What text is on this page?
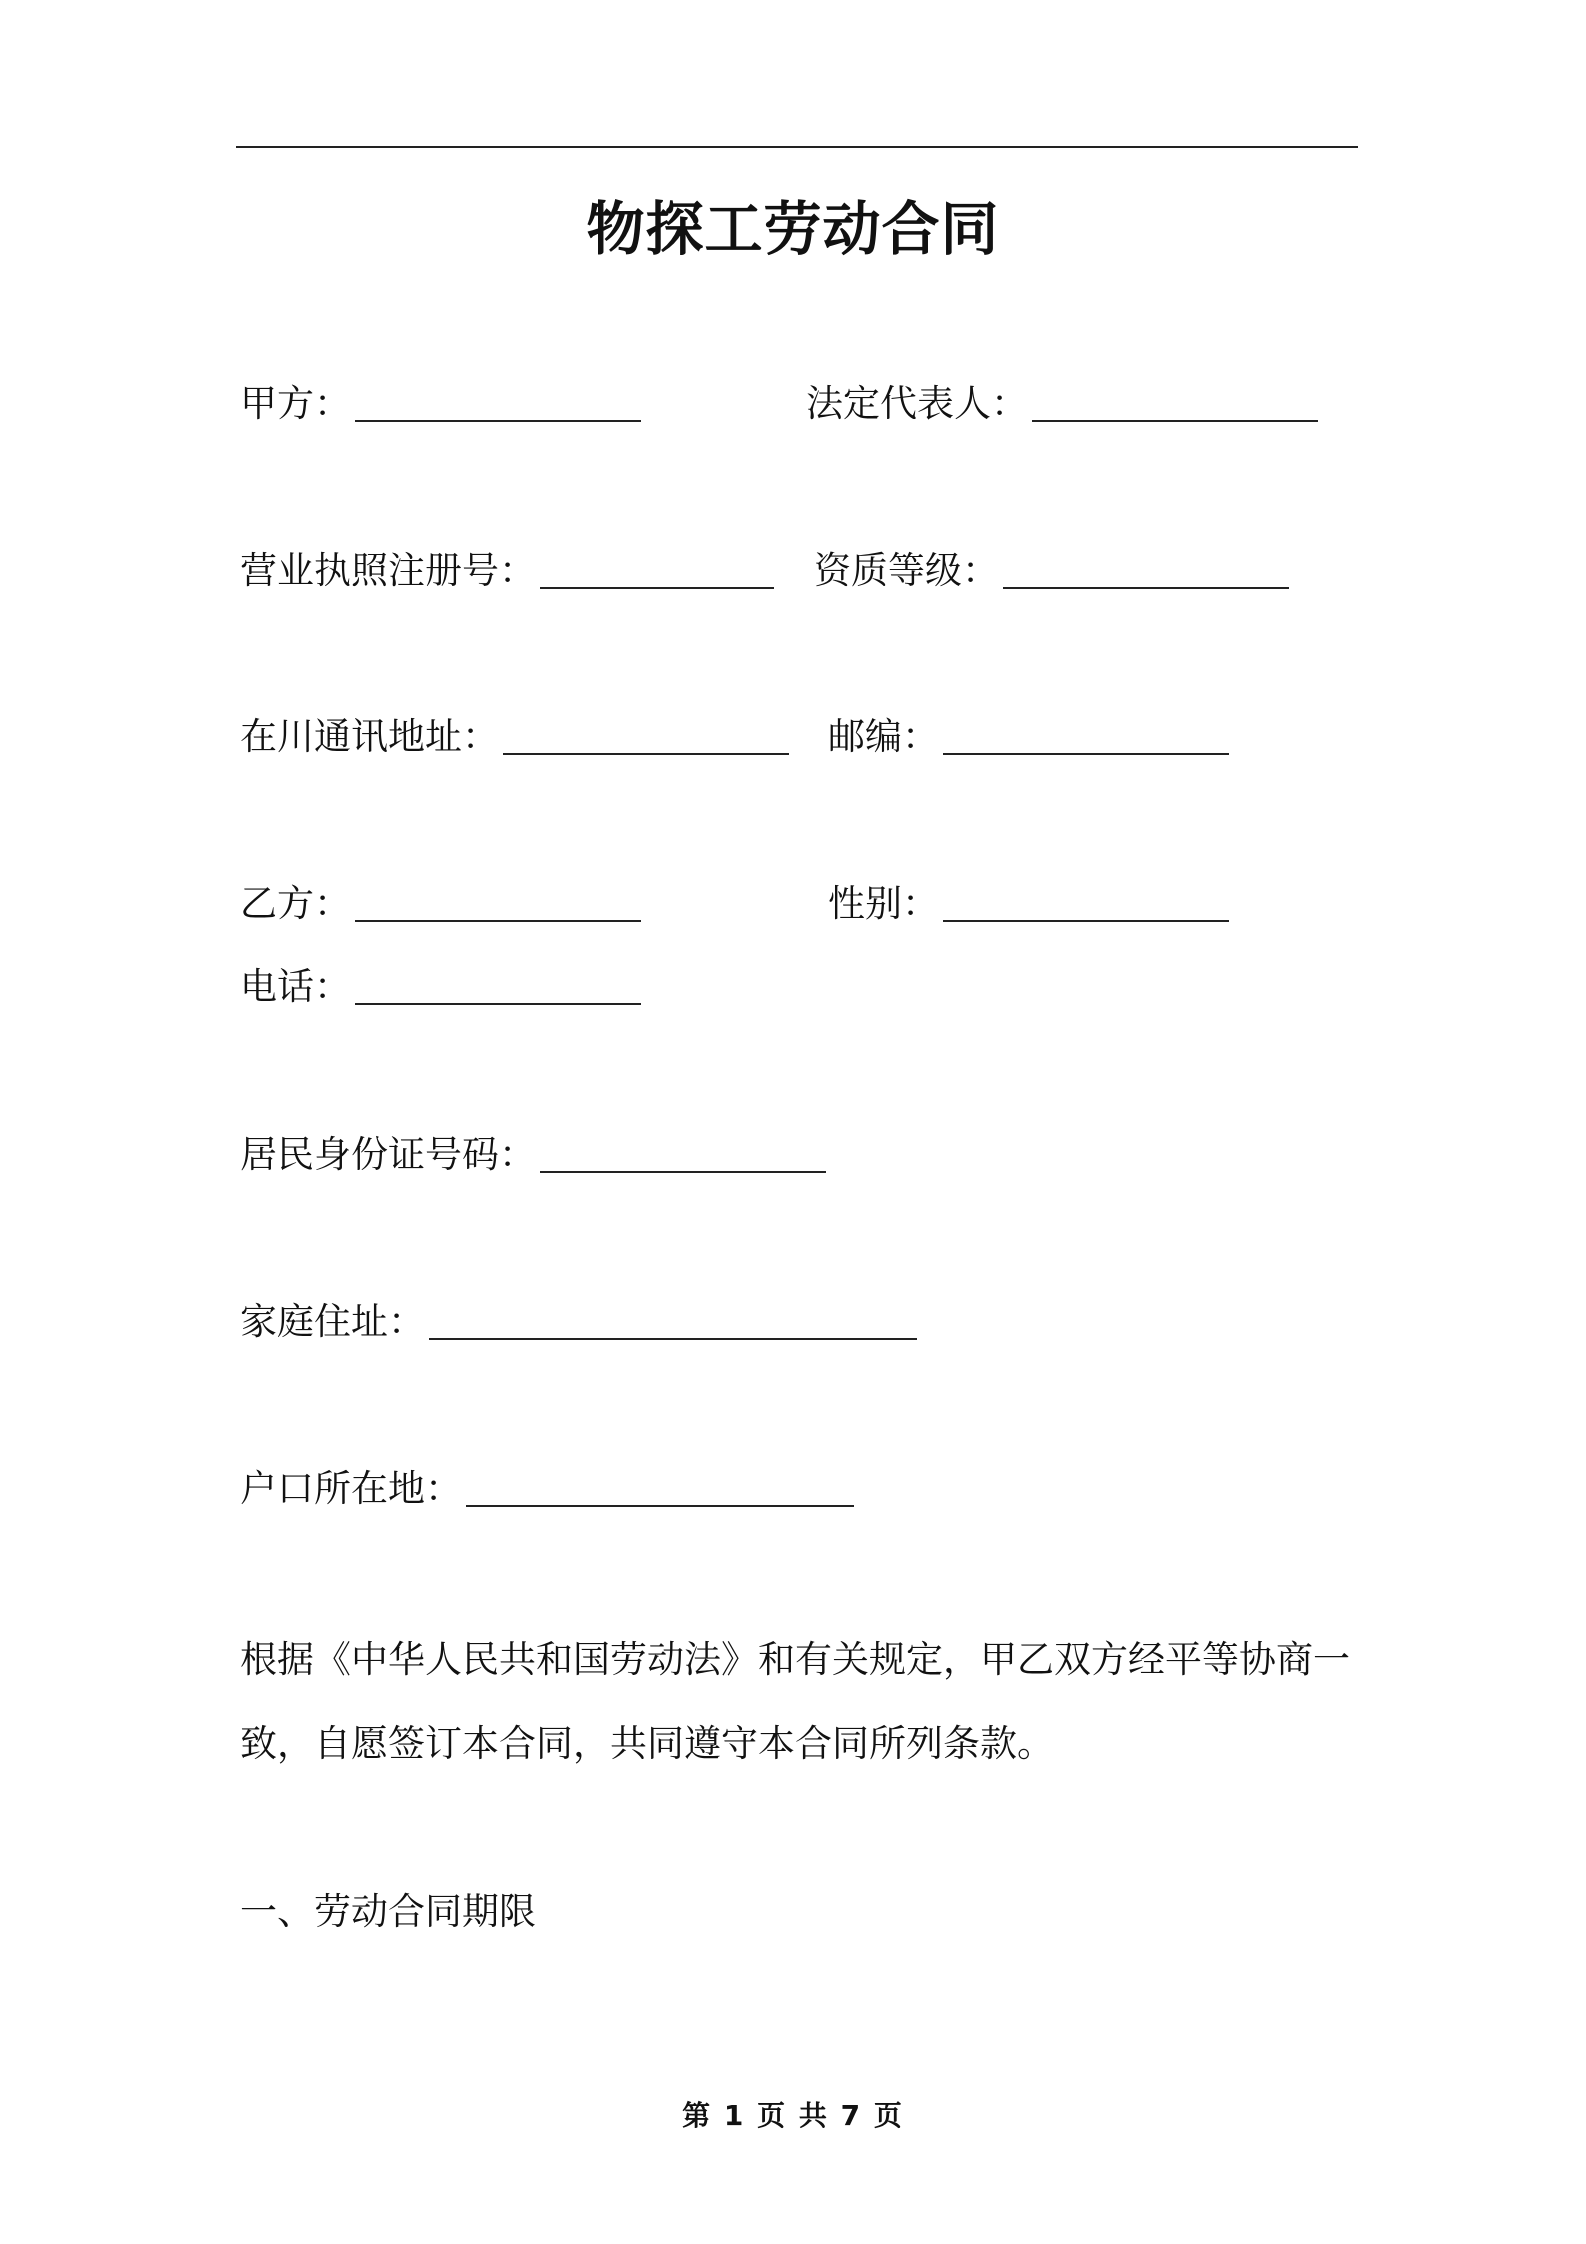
物探工劳动合同
甲方：	法定代表人：
营业执照注册号：	资质等级：
在川通讯地址：	邮编：
乙方：	性别：
电话：
居民身份证号码：
家庭住址：
户口所在地：

根据《中华人民共和国劳动法》和有关规定，甲乙双方经平等协商一

致，自愿签订本合同，共同遵守本合同所列条款。

一、劳动合同期限
第 1 页 共 7 页
